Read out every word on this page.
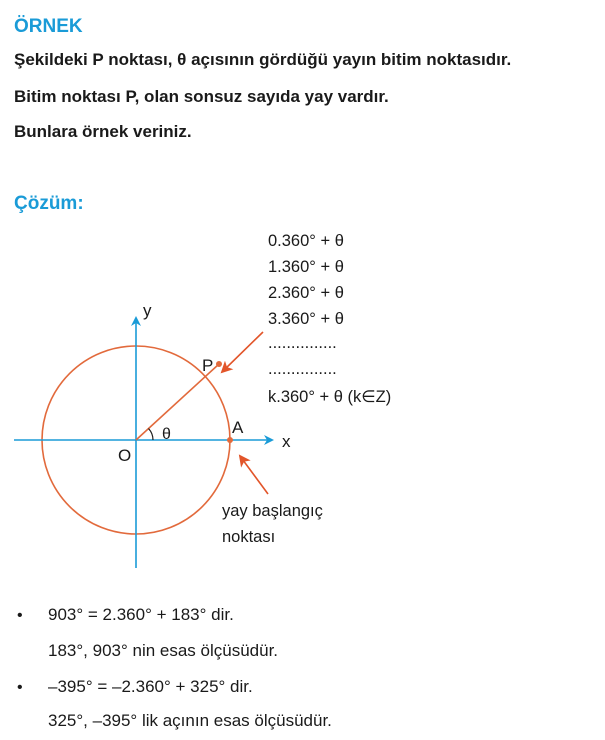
ÖRNEK
Şekildeki P noktası, θ açısının gördüğü yayın bitim noktasıdır.
Bitim noktası P, olan sonsuz sayıda yay vardır.
Bunlara örnek veriniz.
Çözüm:
0.360° + θ
1.360° + θ
2.360° + θ
3.360° + θ
...............
...............
k.360° + θ (k∈Z)
x
y
O
P
A
θ
yay başlangıç
noktası
• 903° = 2.360° + 183° dir.
183°, 903° nin esas ölçüsüdür.
• –395° = –2.360° + 325° dir.
325°, –395° lik açının esas ölçüsüdür.
